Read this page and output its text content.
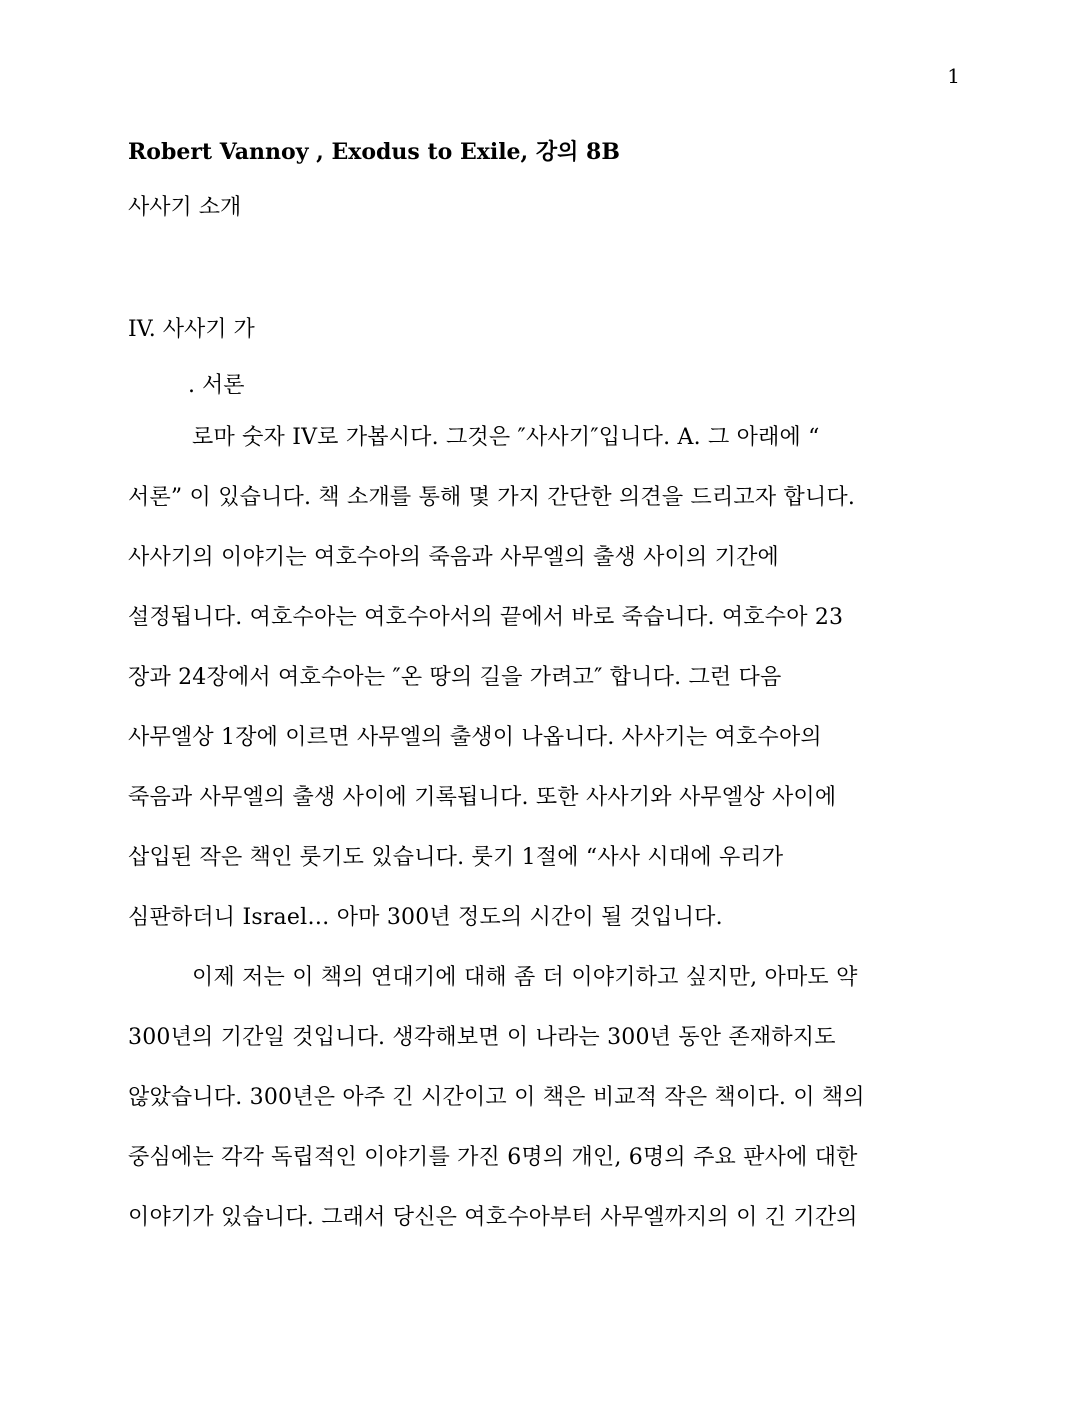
1
Robert Vannoy , Exodus to Exile, 강의 8B
사사기 소개
IV. 사사기 가
. 서론
로마 숫자 IV로 가봅시다. 그것은 ″사사기″입니다. A. 그 아래에 “
서론” 이 있습니다. 책 소개를 통해 몇 가지 간단한 의견을 드리고자 합니다.
사사기의 이야기는 여호수아의 죽음과 사무엘의 출생 사이의 기간에
설정됩니다. 여호수아는 여호수아서의 끝에서 바로 죽습니다. 여호수아 23
장과 24장에서 여호수아는 ″온 땅의 길을 가려고″ 합니다. 그런 다음
사무엘상 1장에 이르면 사무엘의 출생이 나옵니다. 사사기는 여호수아의
죽음과 사무엘의 출생 사이에 기록됩니다. 또한 사사기와 사무엘상 사이에
삽입된 작은 책인 룻기도 있습니다. 룻기 1절에 “사사 시대에 우리가
심판하더니 Israel… 아마 300년 정도의 시간이 될 것입니다.
이제 저는 이 책의 연대기에 대해 좀 더 이야기하고 싶지만, 아마도 약
300년의 기간일 것입니다. 생각해보면 이 나라는 300년 동안 존재하지도
않았습니다. 300년은 아주 긴 시간이고 이 책은 비교적 작은 책이다. 이 책의
중심에는 각각 독립적인 이야기를 가진 6명의 개인, 6명의 주요 판사에 대한
이야기가 있습니다. 그래서 당신은 여호수아부터 사무엘까지의 이 긴 기간의
